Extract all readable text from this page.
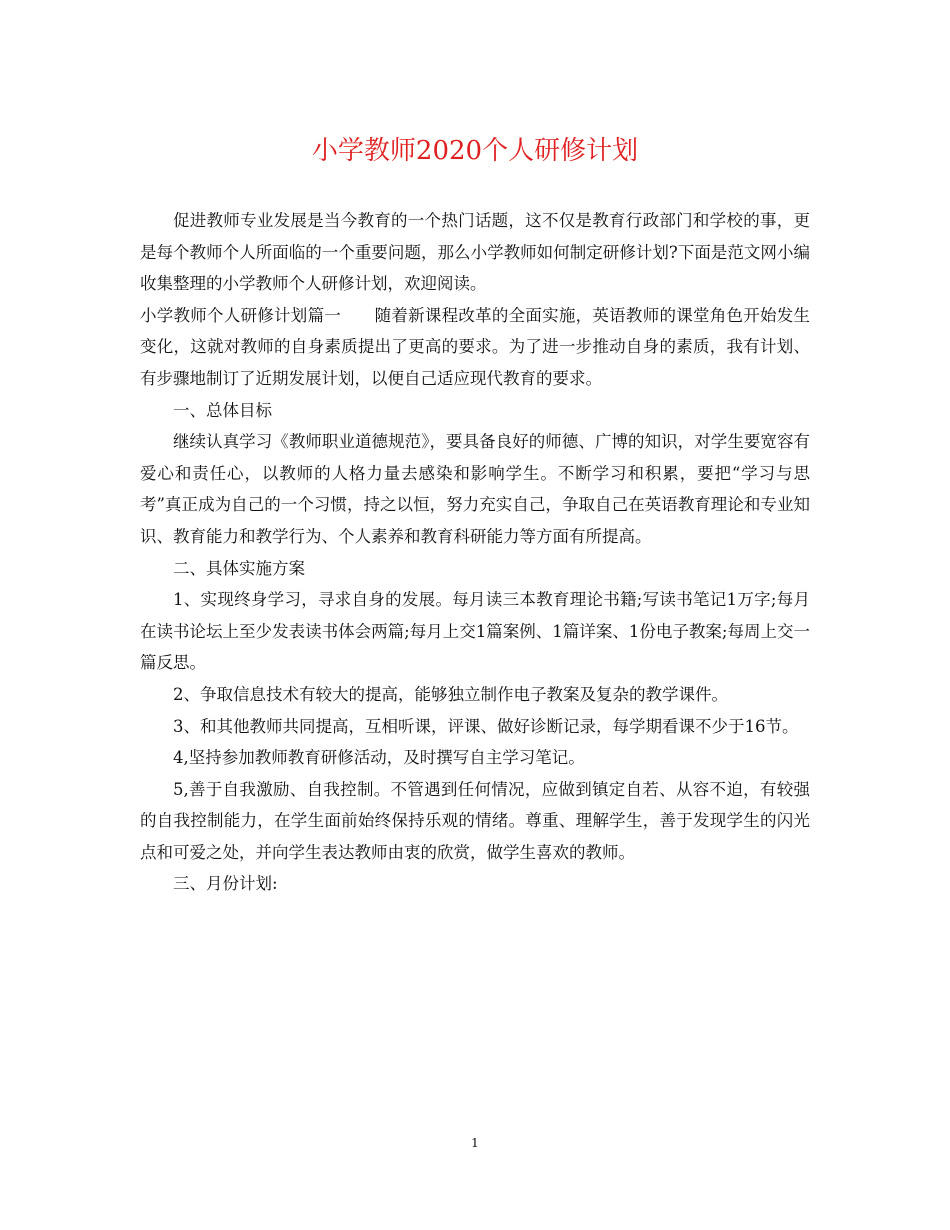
小学教师2020个人研修计划

促进教师专业发展是当今教育的一个热门话题，这不仅是教育行政部门和学校的事，更是每个教师个人所面临的一个重要问题，那么小学教师如何制定研修计划?下面是范文网小编收集整理的小学教师个人研修计划，欢迎阅读。

小学教师个人研修计划篇一　　随着新课程改革的全面实施，英语教师的课堂角色开始发生变化，这就对教师的自身素质提出了更高的要求。为了进一步推动自身的素质，我有计划、有步骤地制订了近期发展计划，以便自己适应现代教育的要求。

一、总体目标

继续认真学习《教师职业道德规范》，要具备良好的师德、广博的知识，对学生要宽容有爱心和责任心，以教师的人格力量去感染和影响学生。不断学习和积累，要把“学习与思考”真正成为自己的一个习惯，持之以恒，努力充实自己，争取自己在英语教育理论和专业知识、教育能力和教学行为、个人素养和教育科研能力等方面有所提高。

二、具体实施方案

1、实现终身学习，寻求自身的发展。每月读三本教育理论书籍;写读书笔记1万字;每月在读书论坛上至少发表读书体会两篇;每月上交1篇案例、1篇详案、1份电子教案;每周上交一篇反思。

2、争取信息技术有较大的提高，能够独立制作电子教案及复杂的教学课件。

3、和其他教师共同提高，互相听课，评课、做好诊断记录，每学期看课不少于16节。

4,坚持参加教师教育研修活动，及时撰写自主学习笔记。

5,善于自我激励、自我控制。不管遇到任何情况，应做到镇定自若、从容不迫，有较强的自我控制能力，在学生面前始终保持乐观的情绪。尊重、理解学生，善于发现学生的闪光点和可爱之处，并向学生表达教师由衷的欣赏，做学生喜欢的教师。

三、月份计划:

1
